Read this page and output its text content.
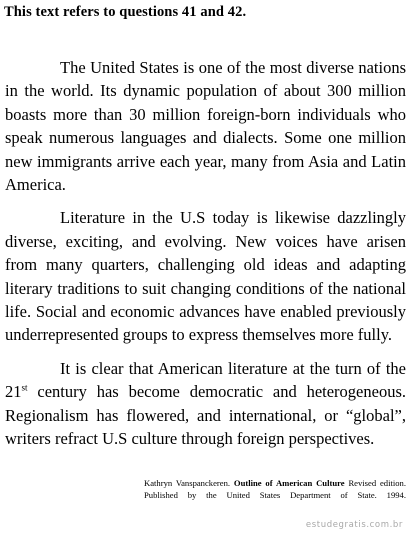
This text refers to questions 41 and 42.

The United States is one of the most diverse nations in the world. Its dynamic population of about 300 million boasts more than 30 million foreign-born individuals who speak numerous languages and dialects. Some one million new immigrants arrive each year, many from Asia and Latin America.

Literature in the U.S today is likewise dazzlingly diverse, exciting, and evolving. New voices have arisen from many quarters, challenging old ideas and adapting literary traditions to suit changing conditions of the national life. Social and economic advances have enabled previously underrepresented groups to express themselves more fully.

It is clear that American literature at the turn of the 21st century has become democratic and heterogeneous. Regionalism has flowered, and international, or “global”, writers refract U.S culture through foreign perspectives.

Kathryn Vanspanckeren. Outline of American Culture Revised edition. Published by the United States Department of State. 1994.
estudegratis.com.br
